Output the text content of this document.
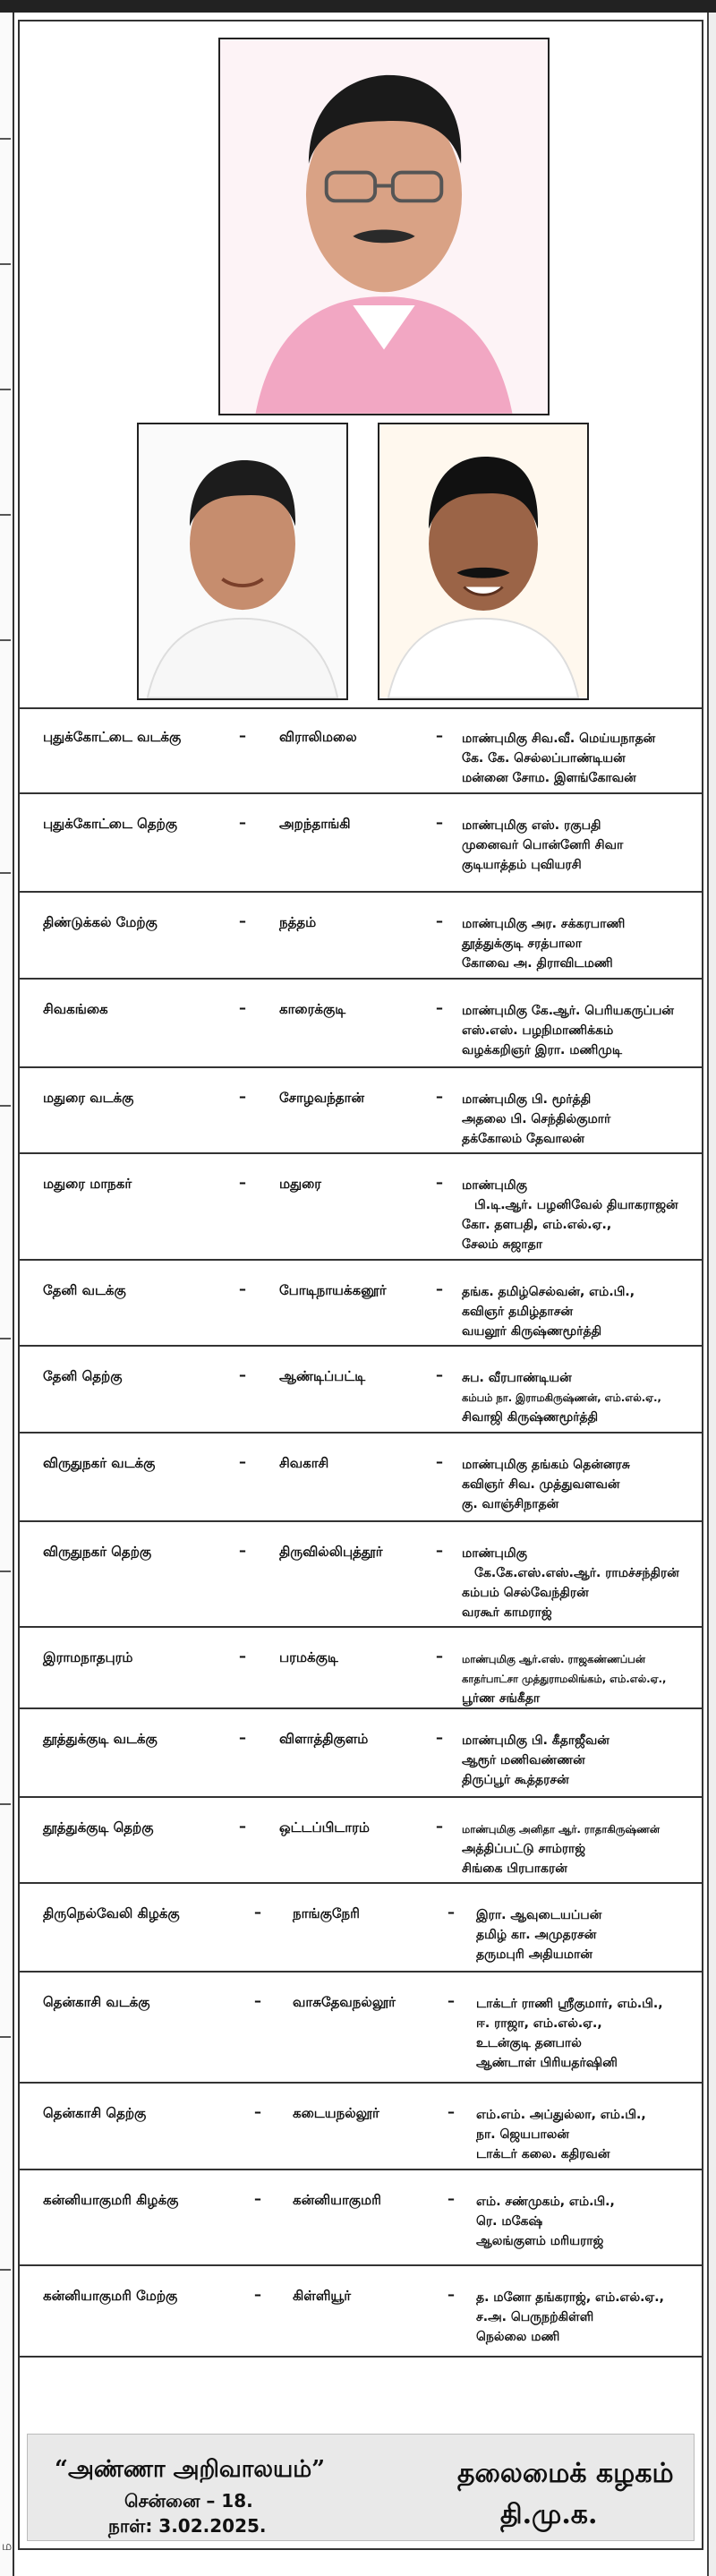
புதுக்கோட்டை வடக்கு	– விராலிமலை	– மாண்புமிகு சிவ.வீ. மெய்யநாதன்
கே. கே. செல்லப்பாண்டியன்
மன்னை சோம. இளங்கோவன்
புதுக்கோட்டை தெற்கு	– அறந்தாங்கி	– மாண்புமிகு எஸ். ரகுபதி
முனைவர் பொன்னேரி சிவா
குடியாத்தம் புவியரசி
திண்டுக்கல் மேற்கு	– நத்தம்	– மாண்புமிகு அர. சக்கரபாணி
தூத்துக்குடி சரத்பாலா
கோவை அ. திராவிடமணி
சிவகங்கை	– காரைக்குடி	– மாண்புமிகு கே.ஆர். பெரியகருப்பன்
எஸ்.எஸ். பழநிமாணிக்கம்
வழக்கறிஞர் இரா. மணிமுடி
மதுரை வடக்கு	– சோழவந்தான்	– மாண்புமிகு பி. மூர்த்தி
அதலை பி. செந்தில்குமார்
தக்கோலம் தேவாலன்
மதுரை மாநகர்	– மதுரை	– மாண்புமிகு
பி.டி.ஆர். பழனிவேல் தியாகராஜன்
கோ. தளபதி, எம்.எல்.ஏ.,
சேலம் சுஜாதா
தேனி வடக்கு	– போடிநாயக்கனூர்	– தங்க. தமிழ்செல்வன், எம்.பி.,
கவிஞர் தமிழ்தாசன்
வயலூர் கிருஷ்ணமூர்த்தி
தேனி தெற்கு	– ஆண்டிப்பட்டி	– சுப. வீரபாண்டியன்
கம்பம் நா. இராமகிருஷ்ணன், எம்.எல்.ஏ.,
சிவாஜி கிருஷ்ணமூர்த்தி
விருதுநகர் வடக்கு	– சிவகாசி	– மாண்புமிகு தங்கம் தென்னரசு
கவிஞர் சிவ. முத்துவளவன்
கு. வாஞ்சிநாதன்
விருதுநகர் தெற்கு	– திருவில்லிபுத்தூர்	– மாண்புமிகு
கே.கே.எஸ்.எஸ்.ஆர். ராமச்சந்திரன்
கம்பம் செல்வேந்திரன்
வரகூர் காமராஜ்
இராமநாதபுரம்	– பரமக்குடி	– மாண்புமிகு ஆர்.எஸ். ராஜகண்ணப்பன்
காதர்பாட்சா முத்துராமலிங்கம், எம்.எல்.ஏ.,
பூர்ண சங்கீதா
தூத்துக்குடி வடக்கு	– விளாத்திகுளம்	– மாண்புமிகு பி. கீதாஜீவன்
ஆரூர் மணிவண்ணன்
திருப்பூர் கூத்தரசன்
தூத்துக்குடி தெற்கு	– ஒட்டப்பிடாரம்	– மாண்புமிகு அனிதா ஆர். ராதாகிருஷ்ணன்
அத்திப்பட்டு சாம்ராஜ்
சிங்கை பிரபாகரன்
திருநெல்வேலி கிழக்கு	– நாங்குநேரி	– இரா. ஆவுடையப்பன்
தமிழ் கா. அமுதரசன்
தருமபுரி அதியமான்
தென்காசி வடக்கு	– வாசுதேவநல்லூர்	– டாக்டர் ராணி ஸ்ரீகுமார், எம்.பி.,
ஈ. ராஜா, எம்.எல்.ஏ.,
உடன்குடி தனபால்
ஆண்டாள் பிரியதர்ஷினி
தென்காசி தெற்கு	– கடையநல்லூர்	– எம்.எம். அப்துல்லா, எம்.பி.,
நா. ஜெயபாலன்
டாக்டர் கலை. கதிரவன்
கன்னியாகுமரி கிழக்கு	– கன்னியாகுமரி	– எம். சண்முகம், எம்.பி.,
ரெ. மகேஷ்
ஆலங்குளம் மரியராஜ்
கன்னியாகுமரி மேற்கு	– கிள்ளியூர்	– த. மனோ தங்கராஜ், எம்.எல்.ஏ.,
ச.அ. பெருநற்கிள்ளி
நெல்லை மணி
“அண்ணா அறிவாலயம்”
சென்னை – 18.
நாள்: 3.02.2025.
தலைமைக் கழகம்
தி.மு.க.
ம
